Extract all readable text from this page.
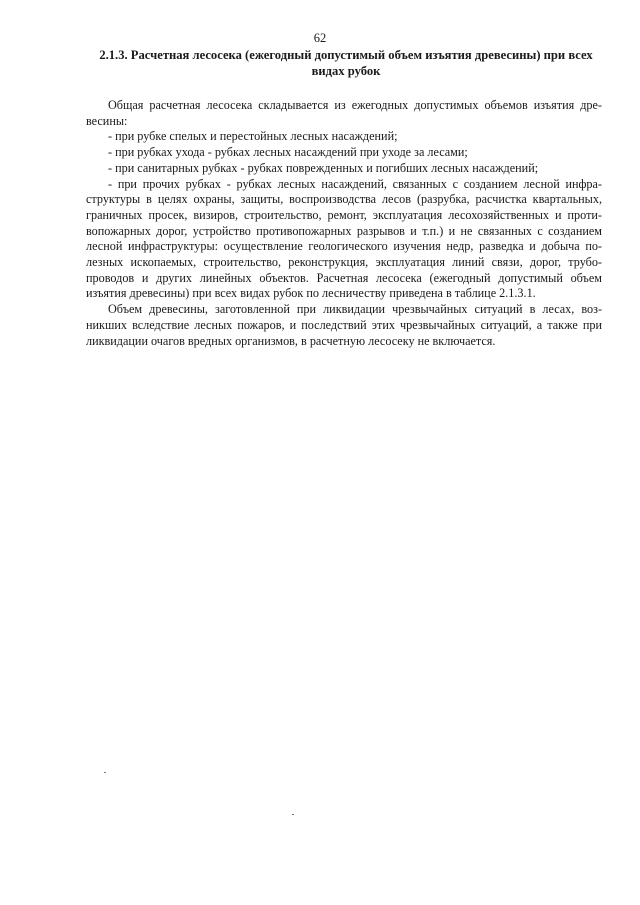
62
2.1.3. Расчетная лесосека (ежегодный допустимый объем изъятия древесины) при всех видах рубок

Общая расчетная лесосека складывается из ежегодных допустимых объемов изъятия дре-весины:

- при рубке спелых и перестойных лесных насаждений;

- при рубках ухода - рубках лесных насаждений при уходе за лесами;

- при санитарных рубках - рубках поврежденных и погибших лесных насаждений;

- при прочих рубках - рубках лесных насаждений, связанных с созданием лесной инфра-структуры в целях охраны, защиты, воспроизводства лесов (разрубка, расчистка квартальных, граничных просек, визиров, строительство, ремонт, эксплуатация лесохозяйственных и проти-вопожарных дорог, устройство противопожарных разрывов и т.п.) и не связанных с созданием лесной инфраструктуры: осуществление геологического изучения недр, разведка и добыча по-лезных ископаемых, строительство, реконструкция, эксплуатация линий связи, дорог, трубо-проводов и других линейных объектов. Расчетная лесосека (ежегодный допустимый объем изъятия древесины) при всех видах рубок по лесничеству приведена в таблице 2.1.3.1.

Объем древесины, заготовленной при ликвидации чрезвычайных ситуаций в лесах, воз-никших вследствие лесных пожаров, и последствий этих чрезвычайных ситуаций, а также при ликвидации очагов вредных организмов, в расчетную лесосеку не включается.
